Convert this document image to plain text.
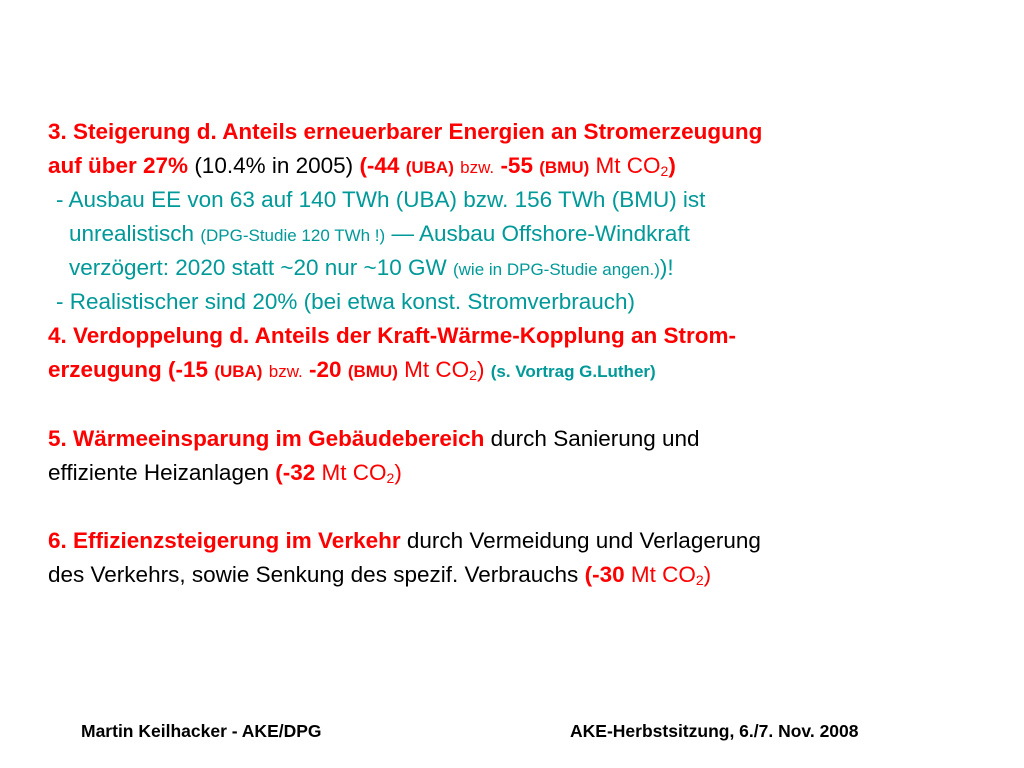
3. Steigerung d. Anteils erneuerbarer Energien an Stromerzeugung
auf über 27% (10.4% in 2005) (-44 (UBA) bzw. -55 (BMU) Mt $CO_2$)
- Ausbau EE von 63 auf 140 TWh (UBA) bzw. 156 TWh (BMU) ist
unrealistisch (DPG-Studie 120 TWh !) — Ausbau Offshore-Windkraft
verzögert: 2020 statt ~20 nur ~10 GW (wie in DPG-Studie angen.))!
- Realistischer sind 20% (bei etwa konst. Stromverbrauch)
4. Verdoppelung d. Anteils der Kraft-Wärme-Kopplung an Strom-
erzeugung (-15 (UBA) bzw. -20 (BMU) Mt $CO_2$) (s. Vortrag G.Luther)
5. Wärmeeinsparung im Gebäudebereich durch Sanierung und
effiziente Heizanlagen (-32 Mt $CO_2$)
6. Effizienzsteigerung im Verkehr durch Vermeidung und Verlagerung
des Verkehrs, sowie Senkung des spezif. Verbrauchs (-30 Mt $CO_2$)
Martin Keilhacker - AKE/DPG	AKE-Herbstsitzung, 6./7. Nov. 2008
